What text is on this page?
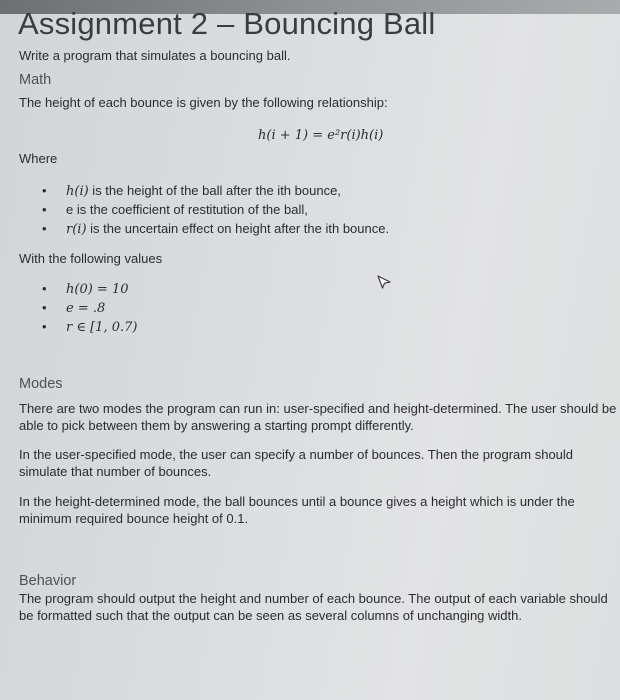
Assignment 2 – Bouncing Ball
Write a program that simulates a bouncing ball.
Math
The height of each bounce is given by the following relationship:
h(i + 1) = e²r(i)h(i)
Where
• h(i) is the height of the ball after the ith bounce,
• e is the coefficient of restitution of the ball,
• r(i) is the uncertain effect on height after the ith bounce.
With the following values
• h(0) = 10
• e = .8
• r ∈ [1, 0.7)
Modes
There are two modes the program can run in: user-specified and height-determined. The user should be
able to pick between them by answering a starting prompt differently.
In the user-specified mode, the user can specify a number of bounces. Then the program should
simulate that number of bounces.
In the height-determined mode, the ball bounces until a bounce gives a height which is under the
minimum required bounce height of 0.1.
Behavior
The program should output the height and number of each bounce. The output of each variable should
be formatted such that the output can be seen as several columns of unchanging width.
